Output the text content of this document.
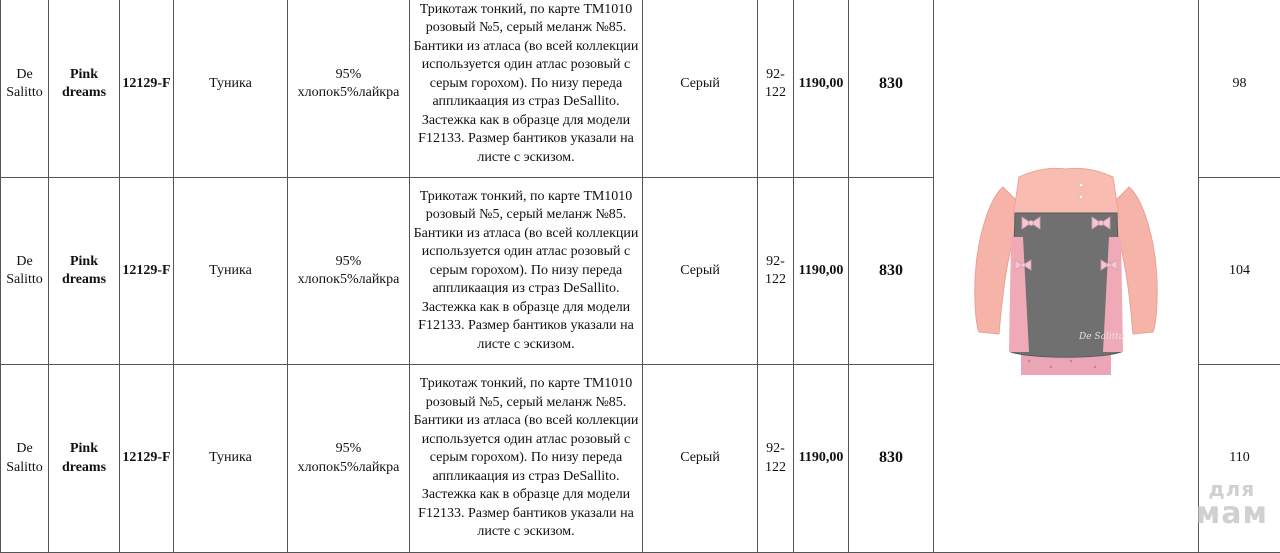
De Salitto	Pink dreams	12129-F	Туника	95% хлопок5%лайкра	Трикотаж тонкий, по карте ТМ1010 розовый №5, серый меланж №85. Бантики из атласа (во всей коллекции используется один атлас розовый с серым горохом). По низу переда аппликаация из страз DeSallito. Застежка как в образце для модели F12133. Размер бантиков указали на листе с эскизом.	Серый	92-122	1190,00	830	De Salitto	98
De Salitto	Pink dreams	12129-F	Туника	95% хлопок5%лайкра	Трикотаж тонкий, по карте ТМ1010 розовый №5, серый меланж №85. Бантики из атласа (во всей коллекции используется один атлас розовый с серым горохом). По низу переда аппликаация из страз DeSallito. Застежка как в образце для модели F12133. Размер бантиков указали на листе с эскизом.	Серый	92-122	1190,00	830		104
De Salitto	Pink dreams	12129-F	Туника	95% хлопок5%лайкра	Трикотаж тонкий, по карте ТМ1010 розовый №5, серый меланж №85. Бантики из атласа (во всей коллекции используется один атлас розовый с серым горохом). По низу переда аппликаация из страз DeSallito. Застежка как в образце для модели F12133. Размер бантиков указали на листе с эскизом.	Серый	92-122	1190,00	830		110
для
мам
